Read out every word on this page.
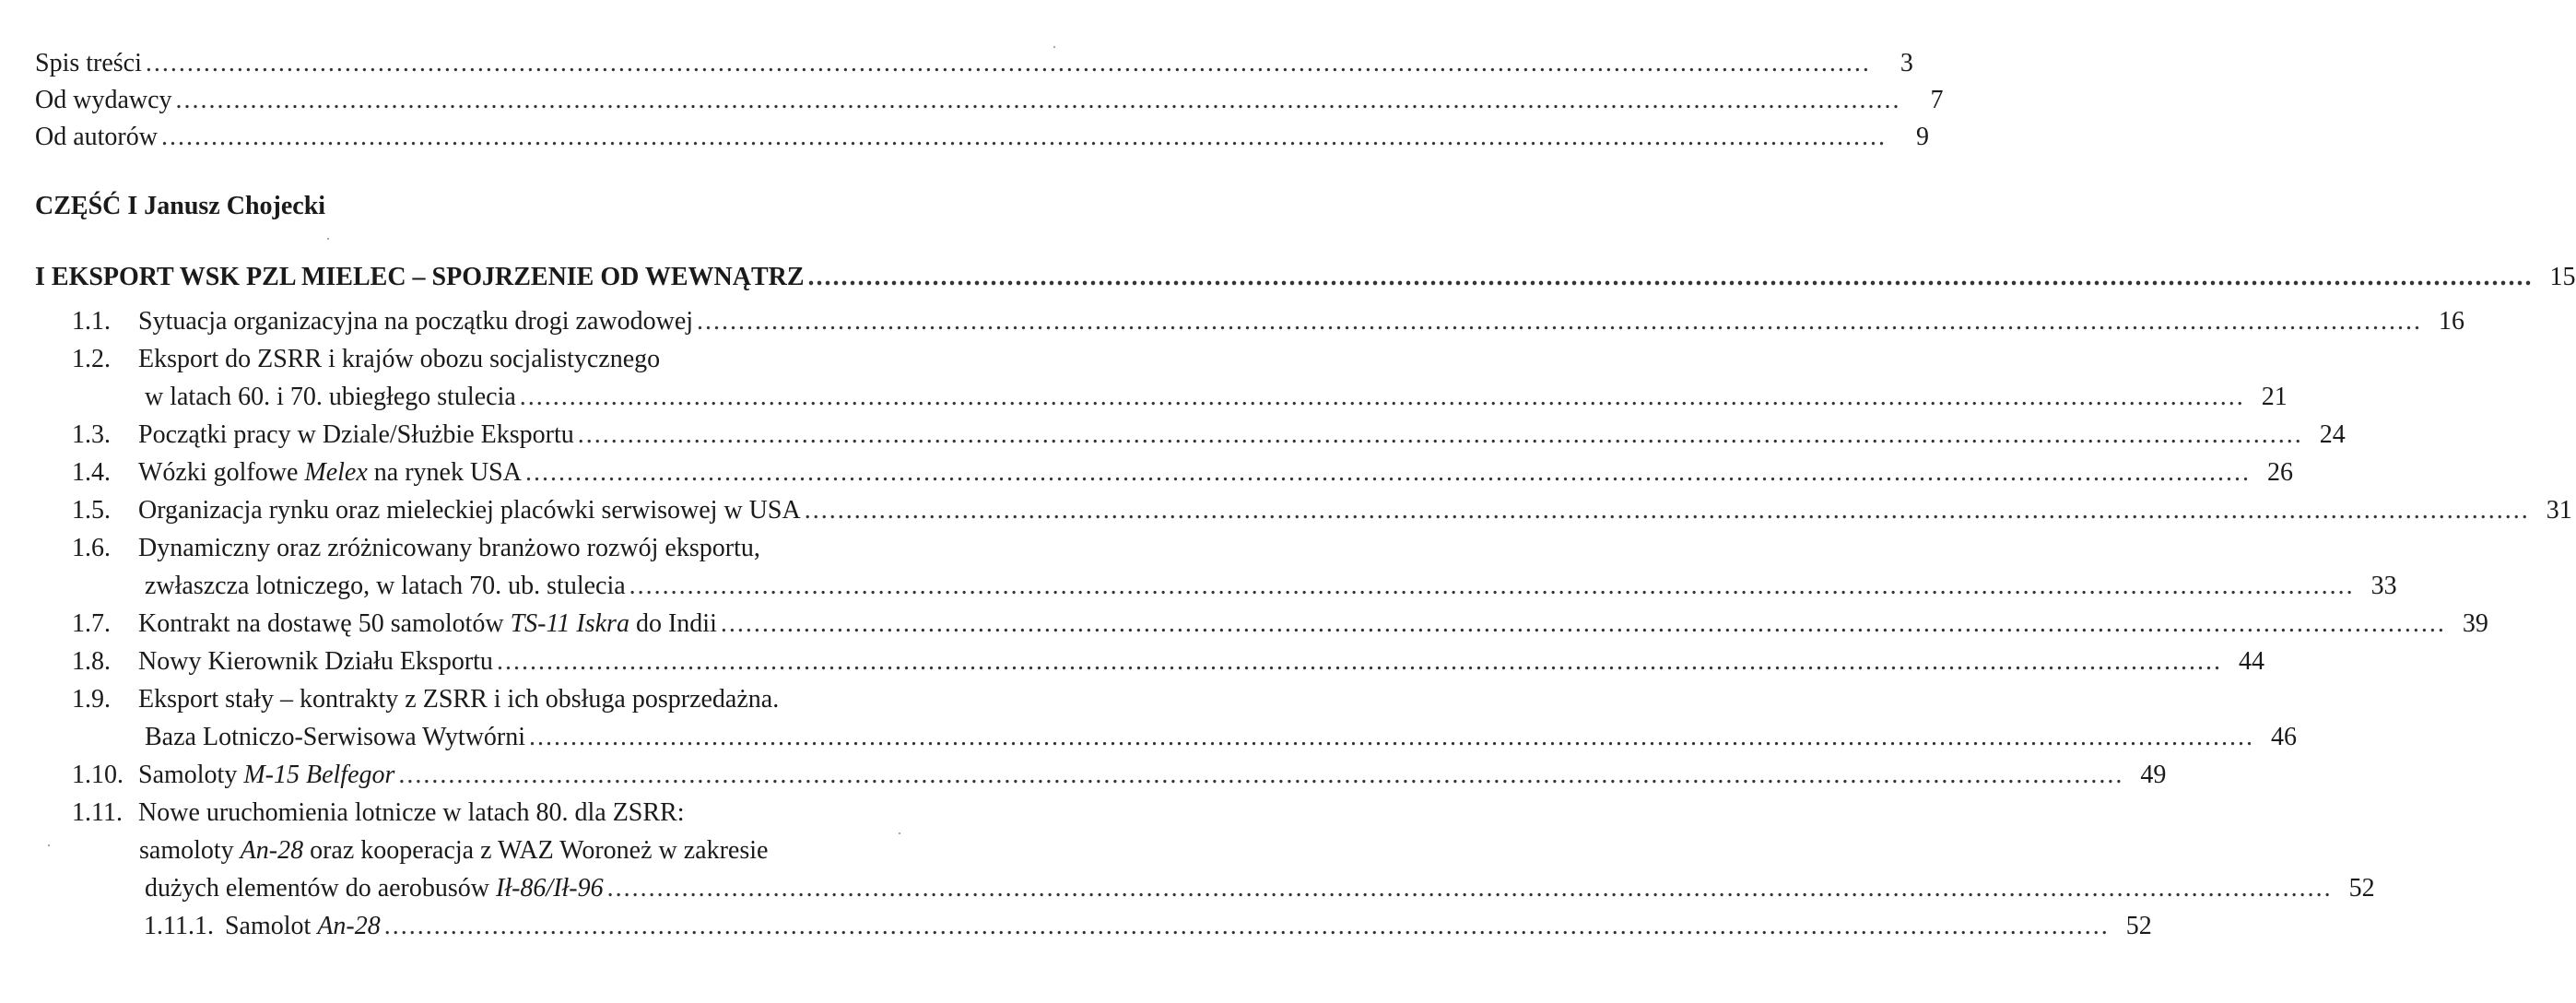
Spis treści .....	3
Od wydawcy .....	7
Od autorów .....	9
CZĘŚĆ I Janusz Chojecki
I EKSPORT WSK PZL MIELEC – SPOJRZENIE OD WEWNĄTRZ .....	15
1.1.	Sytuacja organizacyjna na początku drogi zawodowej .....	16
1.2.	Eksport do ZSRR i krajów obozu socjalistycznego
w latach 60. i 70. ubiegłego stulecia .....	21
1.3.	Początki pracy w Dziale/Służbie Eksportu .....	24
1.4.	Wózki golfowe Melex na rynek USA .....	26
1.5.	Organizacja rynku oraz mieleckiej placówki serwisowej w USA .....	31
1.6.	Dynamiczny oraz zróżnicowany branżowo rozwój eksportu,
zwłaszcza lotniczego, w latach 70. ub. stulecia .....	33
1.7.	Kontrakt na dostawę 50 samolotów TS-11 Iskra do Indii .....	39
1.8.	Nowy Kierownik Działu Eksportu .....	44
1.9.	Eksport stały – kontrakty z ZSRR i ich obsługa posprzedażna.
Baza Lotniczo-Serwisowa Wytwórni .....	46
1.10. Samoloty M-15 Belfegor .....	49
1.11. Nowe uruchomienia lotnicze w latach 80. dla ZSRR:
samoloty An-28 oraz kooperacja z WAZ Woroneż w zakresie
dużych elementów do aerobusów Ił-86/Ił-96 .....	52
1.11.1. Samolot An-28 .....	52
